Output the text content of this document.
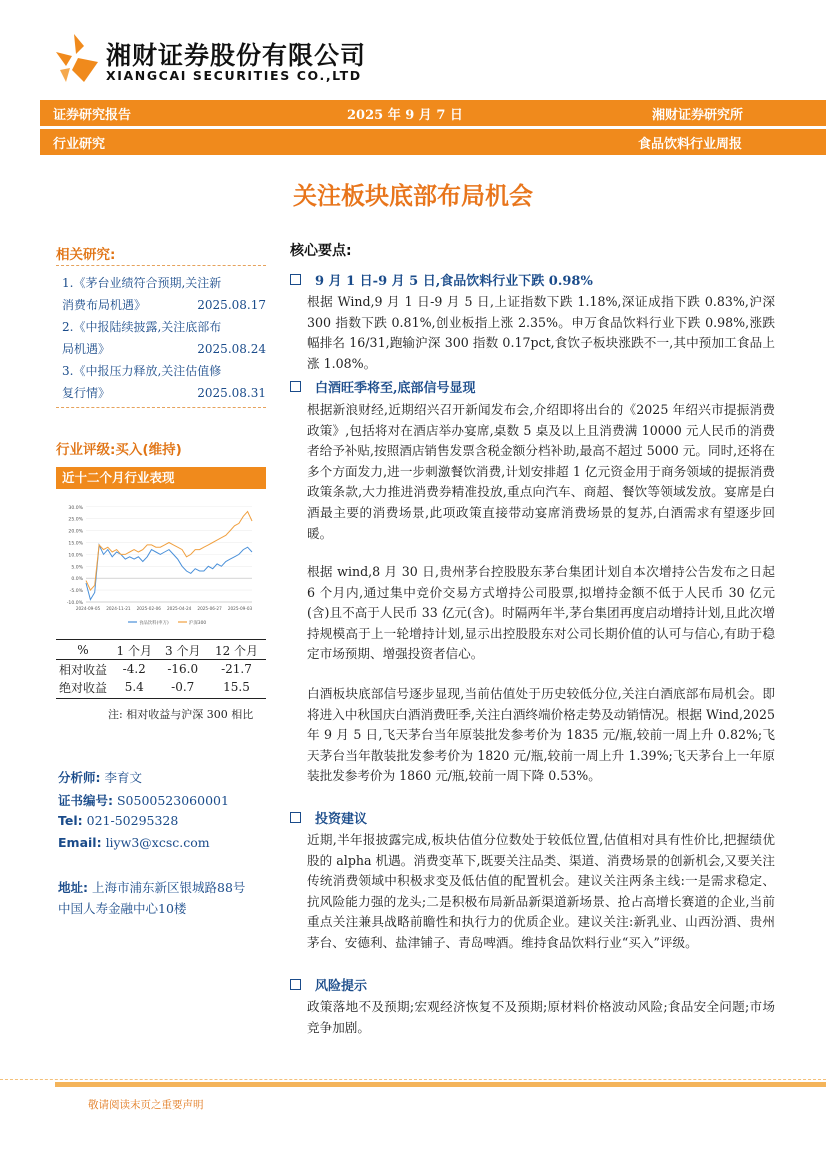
湘财证券股份有限公司
XIANGCAI SECURITIES CO.,LTD
证券研究报告	2025 年 9 月 7 日	湘财证券研究所
行业研究	食品饮料行业周报
关注板块底部布局机会
相关研究:
1.《茅台业绩符合预期,关注新
消费布局机遇》	2025.08.17
2.《中报陆续披露,关注底部布
局机遇》	2025.08.24
3.《中报压力释放,关注估值修
复行情》	2025.08.31
行业评级:买入(维持)
近十二个月行业表现
30.0%
25.0%
20.0%
15.0%
10.0%
5.0%
0.0%
-5.0%
-10.0%
2024-09-05 2024-11-21 2025-02-06 2025-04-24 2025-06-27 2025-09-03
食品饮料(申万)	沪深300
%	1 个月	3 个月	12 个月
相对收益	-4.2	-16.0	-21.7
绝对收益	5.4	-0.7	15.5
注: 相对收益与沪深 300 相比
分析师: 李育文
证书编号: S0500523060001
Tel: 021-50295328
Email: liyw3@xcsc.com
地址: 上海市浦东新区银城路88号
中国人寿金融中心10楼
核心要点:
9 月 1 日-9 月 5 日,食品饮料行业下跌 0.98%
根据 Wind,9 月 1 日-9 月 5 日,上证指数下跌 1.18%,深证成指下跌 0.83%,沪深 300 指数下跌 0.81%,创业板指上涨 2.35%。申万食品饮料行业下跌 0.98%,涨跌幅排名 16/31,跑输沪深 300 指数 0.17pct,食饮子板块涨跌不一,其中预加工食品上涨 1.08%。
白酒旺季将至,底部信号显现
根据新浪财经,近期绍兴召开新闻发布会,介绍即将出台的《2025 年绍兴市提振消费政策》,包括将对在酒店举办宴席,桌数 5 桌及以上且消费满 10000 元人民币的消费者给予补贴,按照酒店销售发票含税金额分档补助,最高不超过 5000 元。同时,还将在多个方面发力,进一步刺激餐饮消费,计划安排超 1 亿元资金用于商务领域的提振消费政策条款,大力推进消费券精准投放,重点向汽车、商超、餐饮等领域发放。宴席是白酒最主要的消费场景,此项政策直接带动宴席消费场景的复苏,白酒需求有望逐步回暖。
根据 wind,8 月 30 日,贵州茅台控股股东茅台集团计划自本次增持公告发布之日起 6 个月内,通过集中竞价交易方式增持公司股票,拟增持金额不低于人民币 30 亿元(含)且不高于人民币 33 亿元(含)。时隔两年半,茅台集团再度启动增持计划,且此次增持规模高于上一轮增持计划,显示出控股股东对公司长期价值的认可与信心,有助于稳定市场预期、增强投资者信心。
白酒板块底部信号逐步显现,当前估值处于历史较低分位,关注白酒底部布局机会。即将进入中秋国庆白酒消费旺季,关注白酒终端价格走势及动销情况。根据 Wind,2025 年 9 月 5 日,飞天茅台当年原装批发参考价为 1835 元/瓶,较前一周上升 0.82%;飞天茅台当年散装批发参考价为 1820 元/瓶,较前一周上升 1.39%;飞天茅台上一年原装批发参考价为 1860 元/瓶,较前一周下降 0.53%。
投资建议
近期,半年报披露完成,板块估值分位数处于较低位置,估值相对具有性价比,把握绩优股的 alpha 机遇。消费变革下,既要关注品类、渠道、消费场景的创新机会,又要关注传统消费领域中积极求变及低估值的配置机会。建议关注两条主线:一是需求稳定、抗风险能力强的龙头;二是积极布局新品新渠道新场景、抢占高增长赛道的企业,当前重点关注兼具战略前瞻性和执行力的优质企业。建议关注:新乳业、山西汾酒、贵州茅台、安德利、盐津铺子、青岛啤酒。维持食品饮料行业“买入”评级。
风险提示
政策落地不及预期;宏观经济恢复不及预期;原材料价格波动风险;食品安全问题;市场竞争加剧。
敬请阅读末页之重要声明
